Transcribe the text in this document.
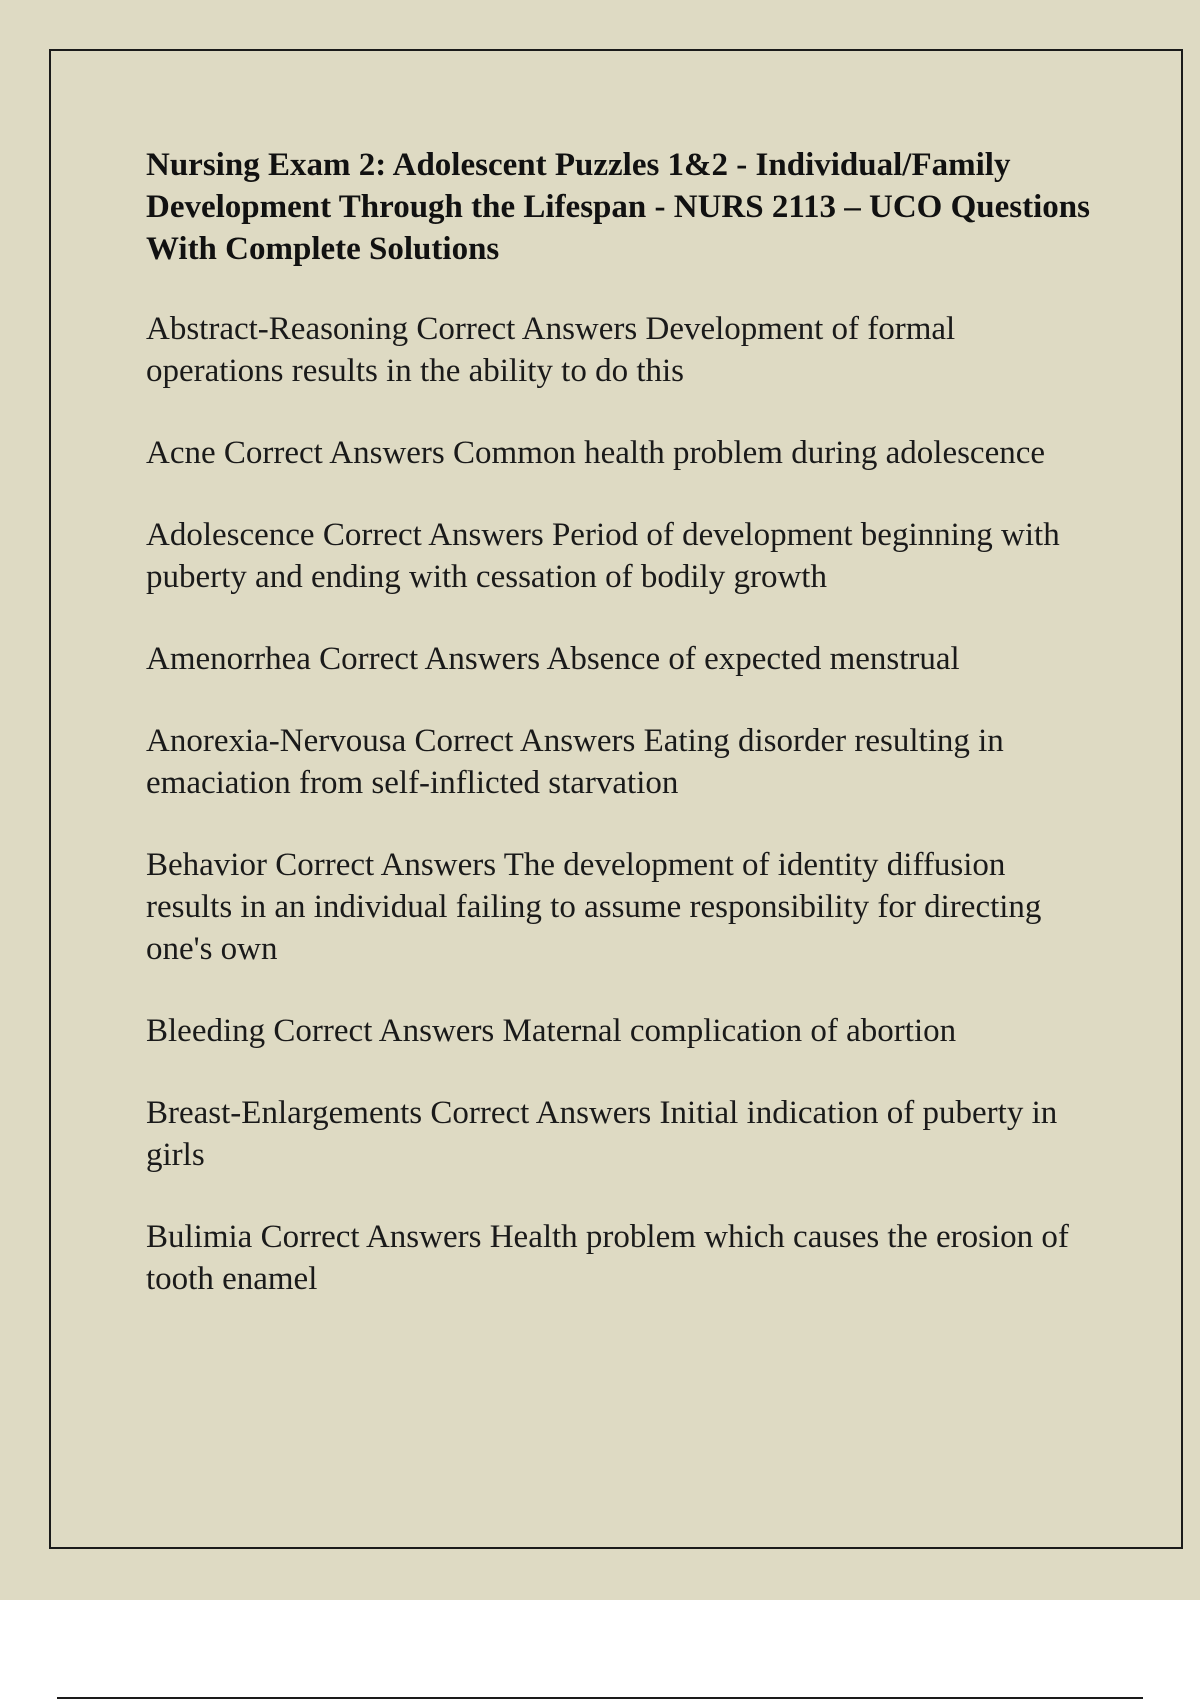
Nursing Exam 2: Adolescent Puzzles 1&2 - Individual/Family Development Through the Lifespan - NURS 2113 – UCO Questions With Complete Solutions
Abstract-Reasoning Correct Answers Development of formal operations results in the ability to do this
Acne Correct Answers Common health problem during adolescence
Adolescence Correct Answers Period of development beginning with puberty and ending with cessation of bodily growth
Amenorrhea Correct Answers Absence of expected menstrual
Anorexia-Nervousa Correct Answers Eating disorder resulting in emaciation from self-inflicted starvation
Behavior Correct Answers The development of identity diffusion results in an individual failing to assume responsibility for directing one's own
Bleeding Correct Answers Maternal complication of abortion
Breast-Enlargements Correct Answers Initial indication of puberty in girls
Bulimia Correct Answers Health problem which causes the erosion of tooth enamel
